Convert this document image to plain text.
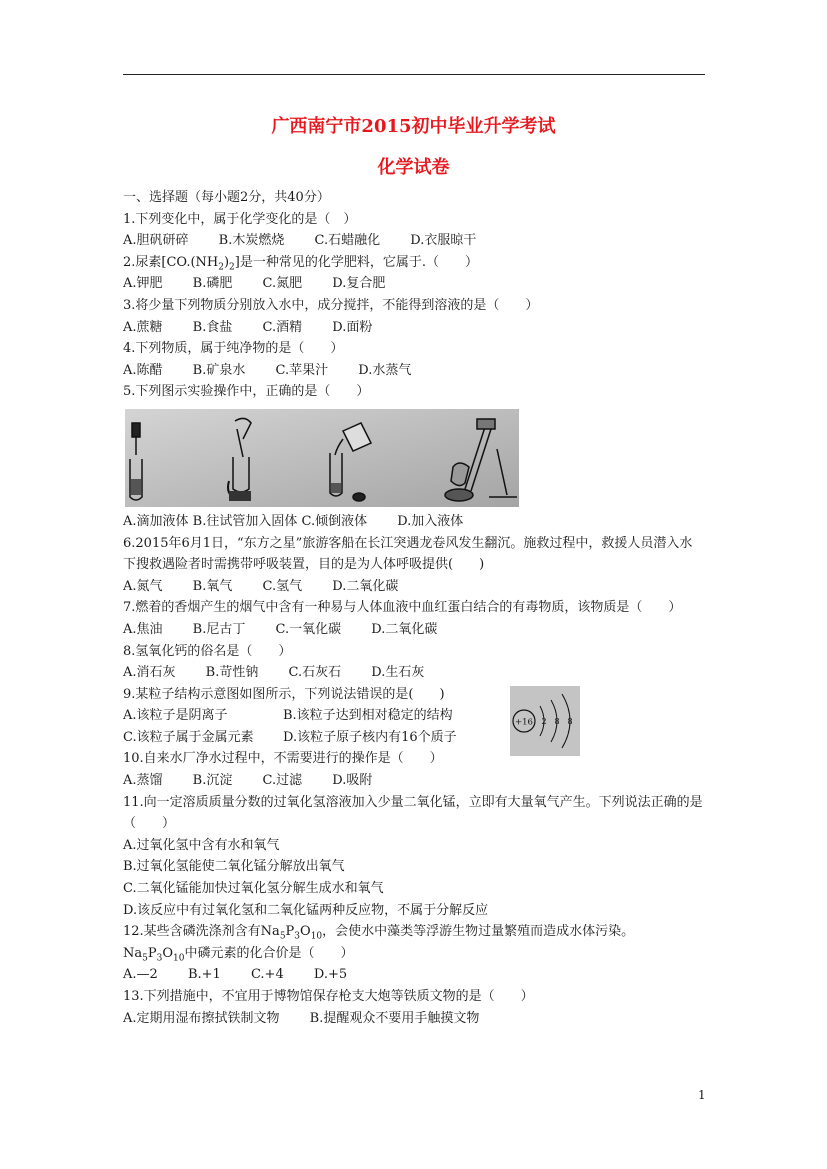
广西南宁市2015初中毕业升学考试
化学试卷
一、选择题（每小题2分，共40分）
1.下列变化中，属于化学变化的是（　）
A.胆矾研碎 B.木炭燃烧 C.石蜡融化 D.衣服晾干
2.尿素$[CO.(NH_2)_2]$是一种常见的化学肥料，它属于.（　　）
A.钾肥 B.磷肥 C.氮肥 D.复合肥
3.将少量下列物质分别放入水中，成分搅拌，不能得到溶液的是（　　）
A.蔗糖 B.食盐 C.酒精 D.面粉
4.下列物质，属于纯净物的是（　　）
A.陈醋 B.矿泉水 C.苹果汁 D.水蒸气
5.下列图示实验操作中，正确的是（　　）
A.滴加液体 B.往试管加入固体 C.倾倒液体　　 D.加入液体
6.2015年6月1日，“东方之星”旅游客船在长江突遇龙卷风发生翻沉。施救过程中，救援人员潜入水下搜救遇险者时需携带呼吸装置，目的是为人体呼吸提供(　　)
A.氮气 B.氧气 C.氢气 D.二氧化碳
7.燃着的香烟产生的烟气中含有一种易与人体血液中血红蛋白结合的有毒物质，该物质是（　　）
A.焦油 B.尼古丁 C.一氧化碳 D.二氧化碳
8.氢氧化钙的俗名是（　　）
A.消石灰 B.苛性钠 C.石灰石 D.生石灰
9.某粒子结构示意图如图所示，下列说法错误的是(　　)
A.该粒子是阴离子	B.该粒子达到相对稳定的结构
C.该粒子属于金属元素 D.该粒子原子核内有16个质子
+16 2 8 8
10.自来水厂净水过程中，不需要进行的操作是（　　）
A.蒸馏 B.沉淀 C.过滤 D.吸附
11.向一定溶质质量分数的过氧化氢溶液加入少量二氧化锰，立即有大量氧气产生。下列说法正确的是（　　）
A.过氧化氢中含有水和氧气
B.过氧化氢能使二氧化锰分解放出氧气
C.二氧化锰能加快过氧化氢分解生成水和氧气
D.该反应中有过氧化氢和二氧化锰两种反应物，不属于分解反应
12.某些含磷洗涤剂含有$Na_5P_3O_{10}$，会使水中藻类等浮游生物过量繁殖而造成水体污染。
$Na_5P_3O_{10}$中磷元素的化合价是（　　）
A.—2 B.+1 C.+4 D.+5
13.下列措施中，不宜用于博物馆保存枪支大炮等铁质文物的是（　　）
A.定期用湿布擦拭铁制文物 B.提醒观众不要用手触摸文物
1
